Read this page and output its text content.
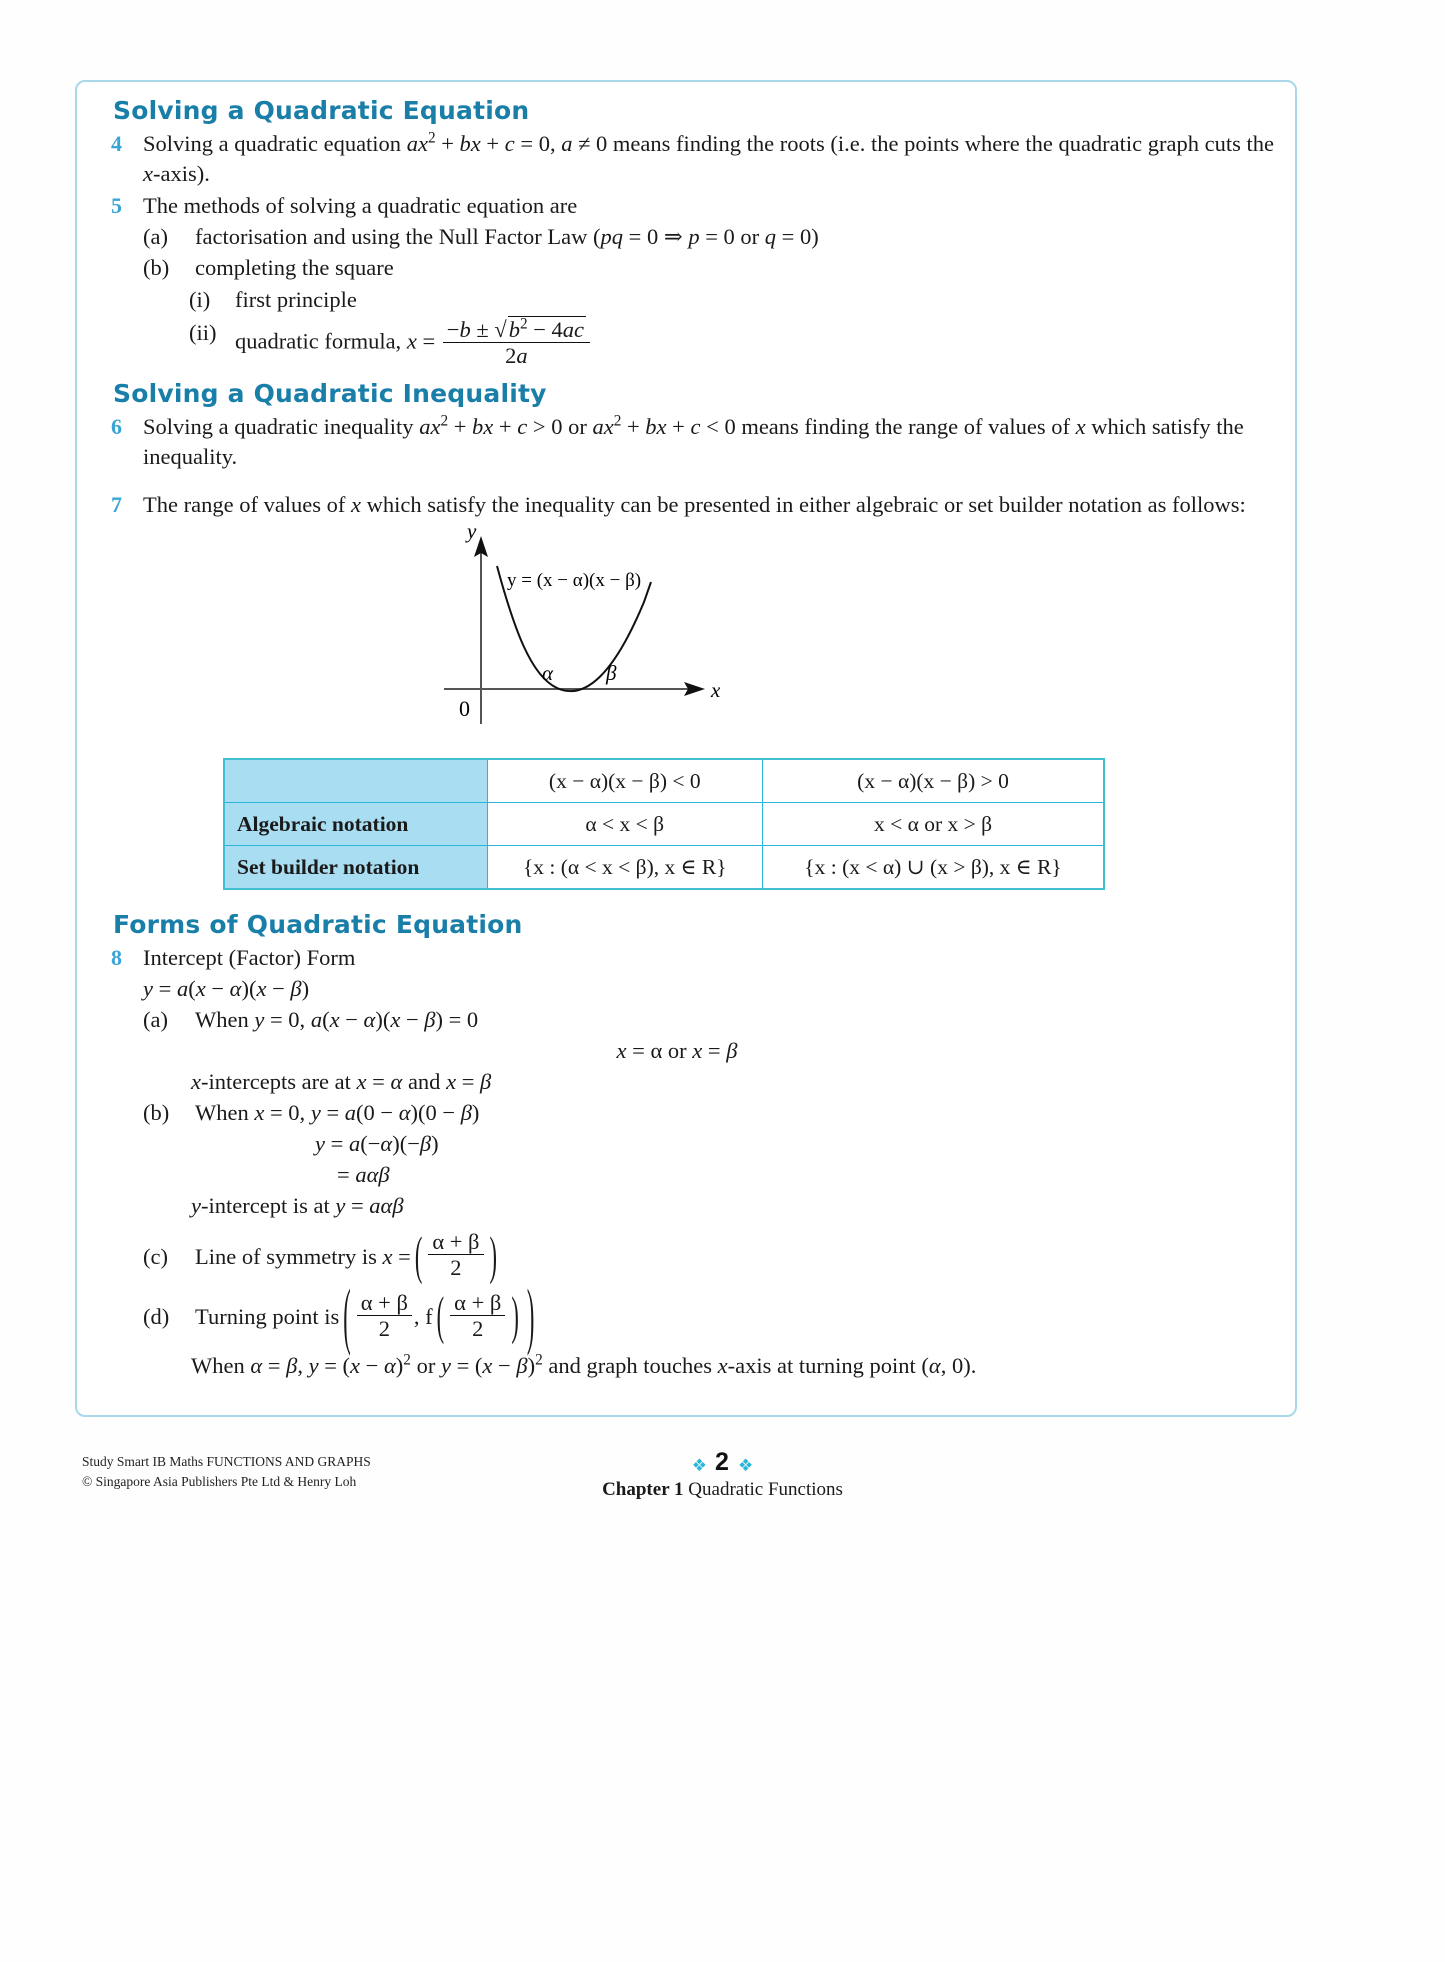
Solving a Quadratic Equation
4 Solving a quadratic equation $ax^2$ + bx + c = 0, a ≠ 0 means finding the roots (i.e. the points where the quadratic graph cuts the x-axis).
5 The methods of solving a quadratic equation are
(a)	factorisation and using the Null Factor Law (pq = 0 ⇒ p = 0 or q = 0)
(b)	completing the square
(i)	first principle
(ii) quadratic formula, $x = \frac{-b \pm √b^2 - 4ac}{2a}$
Solving a Quadratic Inequality
6 Solving a quadratic inequality $ax^2$ + bx + c > 0 or $ax^2$ + bx + c < 0 means finding the range of values of x which satisfy the inequality.
7 The range of values of x which satisfy the inequality can be presented in either algebraic or set builder notation as follows:
y
x
0
y = (x − α)(x − β)
α	β
	(x − α)(x − β) < 0	(x − α)(x − β) > 0
Algebraic notation	α < x < β	x < α or x > β
Set builder notation	{x : (α < x < β), x ∈ R}	{x : (x < α) ∪ (x > β), x ∈ R}
Forms of Quadratic Equation
8 Intercept (Factor) Form
y = a(x − α)(x − β)
(a)	When y = 0, a(x − α)(x − β) = 0
x = α or x = β
x-intercepts are at x = α and x = β
(b)	When x = 0, y = a(0 − α)(0 − β)
y = a(−α)(−β)
= aαβ
y-intercept is at y = aαβ
(c)	Line of symmetry is x = ( $\frac{\alpha + \beta}{2}$ )
(d)	Turning point is ( $\frac{\alpha + \beta}{2}$ , f ( $\frac{\alpha + \beta}{2}$ ) )
When α = β, $y = (x - \alpha)^2$ or $y = (x - \beta)^2$ and graph touches x-axis at turning point (α, 0).
Study Smart IB Maths FUNCTIONS AND GRAPHS
© Singapore Asia Publishers Pte Ltd & Henry Loh
❖ 2 ❖
Chapter 1 Quadratic Functions
